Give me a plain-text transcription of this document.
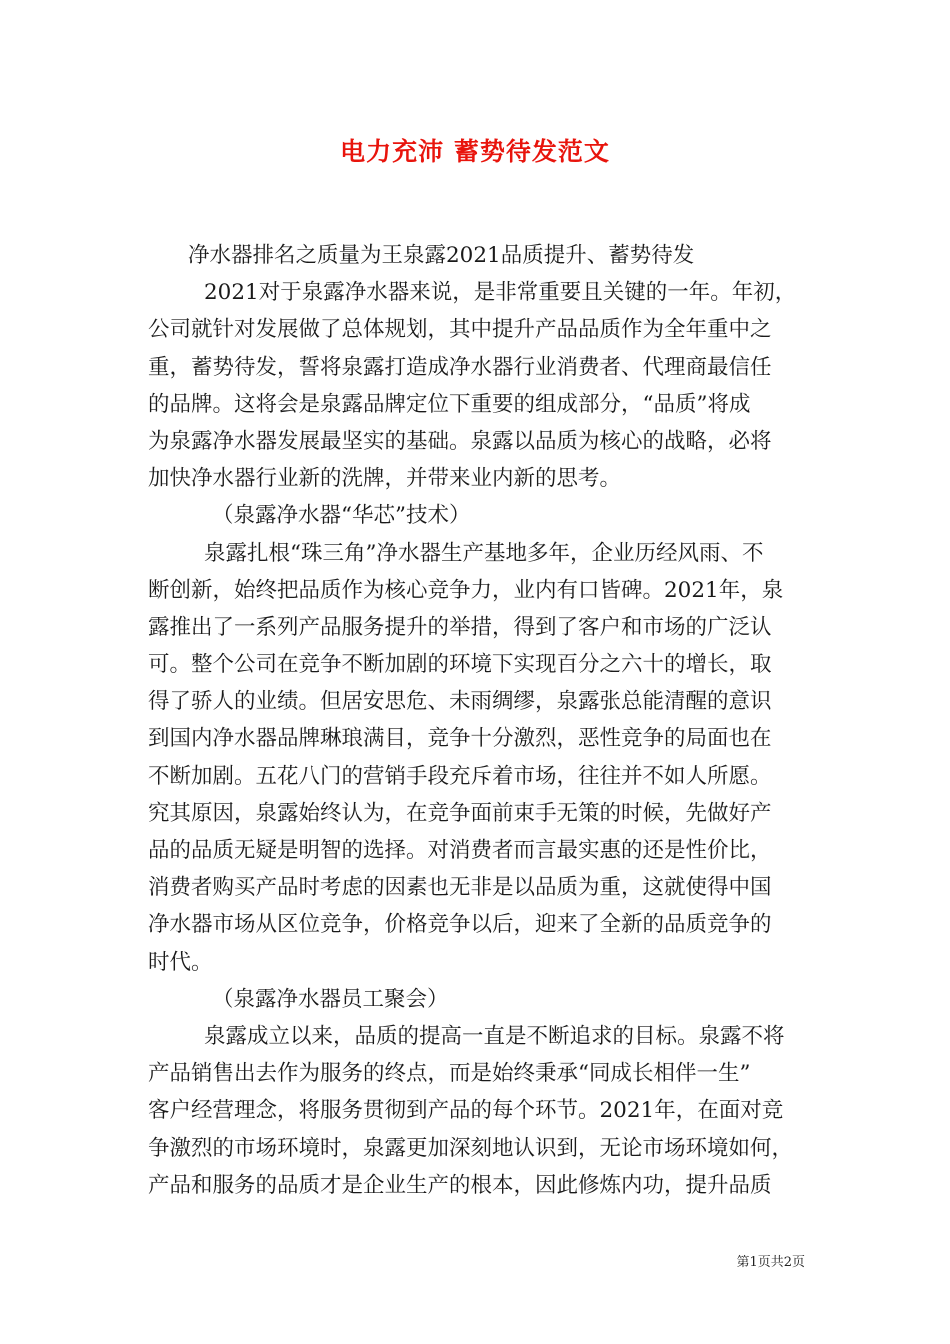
电力充沛 蓄势待发范文
净水器排名之质量为王泉露2021品质提升、蓄势待发
2021对于泉露净水器来说，是非常重要且关键的一年。年初，
公司就针对发展做了总体规划，其中提升产品品质作为全年重中之
重，蓄势待发，誓将泉露打造成净水器行业消费者、代理商最信任
的品牌。这将会是泉露品牌定位下重要的组成部分，“品质”将成
为泉露净水器发展最坚实的基础。泉露以品质为核心的战略，必将
加快净水器行业新的洗牌，并带来业内新的思考。
（泉露净水器“华芯”技术）
泉露扎根“珠三角”净水器生产基地多年，企业历经风雨、不
断创新，始终把品质作为核心竞争力，业内有口皆碑。2021年，泉
露推出了一系列产品服务提升的举措，得到了客户和市场的广泛认
可。整个公司在竞争不断加剧的环境下实现百分之六十的增长，取
得了骄人的业绩。但居安思危、未雨绸缪，泉露张总能清醒的意识
到国内净水器品牌琳琅满目，竞争十分激烈，恶性竞争的局面也在
不断加剧。五花八门的营销手段充斥着市场，往往并不如人所愿。
究其原因，泉露始终认为，在竞争面前束手无策的时候，先做好产
品的品质无疑是明智的选择。对消费者而言最实惠的还是性价比，
消费者购买产品时考虑的因素也无非是以品质为重，这就使得中国
净水器市场从区位竞争，价格竞争以后，迎来了全新的品质竞争的
时代。
（泉露净水器员工聚会）
泉露成立以来，品质的提高一直是不断追求的目标。泉露不将
产品销售出去作为服务的终点，而是始终秉承“同成长相伴一生”
客户经营理念，将服务贯彻到产品的每个环节。2021年，在面对竞
争激烈的市场环境时，泉露更加深刻地认识到，无论市场环境如何，
产品和服务的品质才是企业生产的根本，因此修炼内功，提升品质
第1页共2页
